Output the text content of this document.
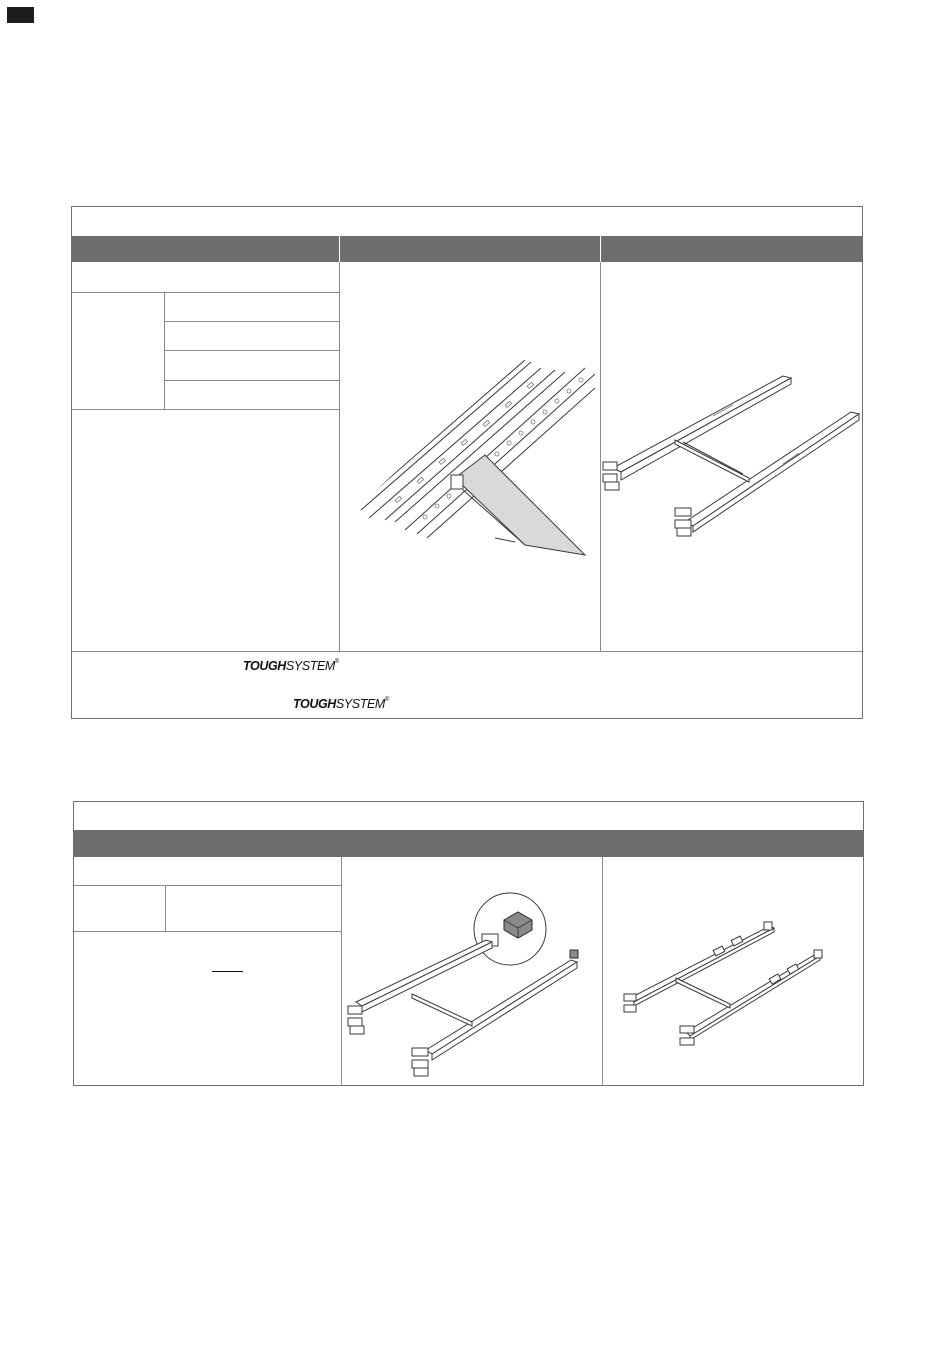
TOUGHSYSTEM®
TOUGHSYSTEM®
